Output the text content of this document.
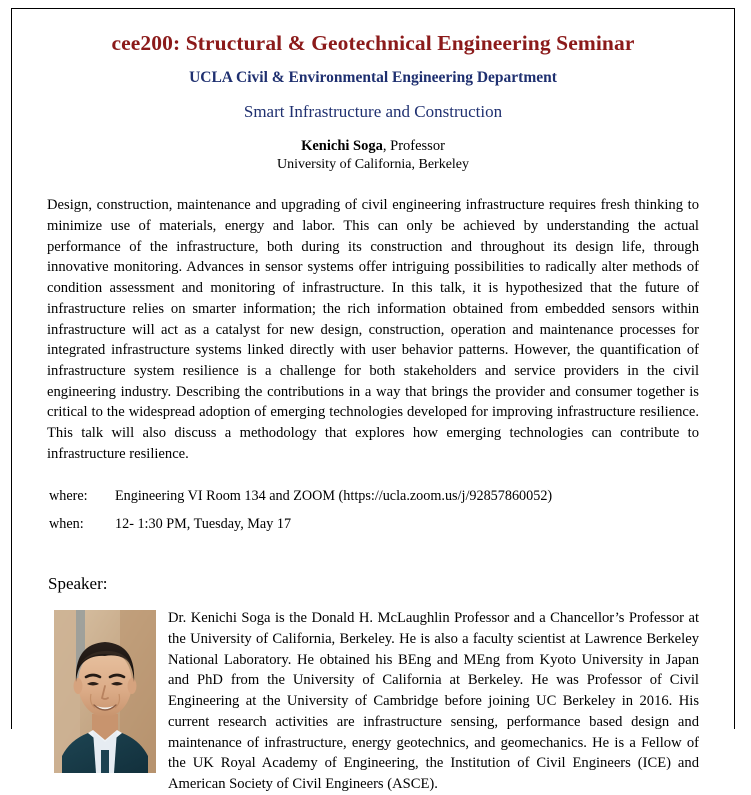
cee200: Structural & Geotechnical Engineering Seminar
UCLA Civil & Environmental Engineering Department
Smart Infrastructure and Construction
Kenichi Soga, Professor
University of California, Berkeley

Design, construction, maintenance and upgrading of civil engineering infrastructure requires fresh thinking to minimize use of materials, energy and labor. This can only be achieved by understanding the actual performance of the infrastructure, both during its construction and throughout its design life, through innovative monitoring. Advances in sensor systems offer intriguing possibilities to radically alter methods of condition assessment and monitoring of infrastructure. In this talk, it is hypothesized that the future of infrastructure relies on smarter information; the rich information obtained from embedded sensors within infrastructure will act as a catalyst for new design, construction, operation and maintenance processes for integrated infrastructure systems linked directly with user behavior patterns. However, the quantification of infrastructure system resilience is a challenge for both stakeholders and service providers in the civil engineering industry. Describing the contributions in a way that brings the provider and consumer together is critical to the widespread adoption of emerging technologies developed for improving infrastructure resilience. This talk will also discuss a methodology that explores how emerging technologies can contribute to infrastructure resilience.

where:	Engineering VI Room 134 and ZOOM (https://ucla.zoom.us/j/92857860052)
when:	12- 1:30 PM, Tuesday, May 17
Speaker:

Dr. Kenichi Soga is the Donald H. McLaughlin Professor and a Chancellor’s Professor at the University of California, Berkeley. He is also a faculty scientist at Lawrence Berkeley National Laboratory. He obtained his BEng and MEng from Kyoto University in Japan and PhD from the University of California at Berkeley. He was Professor of Civil Engineering at the University of Cambridge before joining UC Berkeley in 2016. His current research activities are infrastructure sensing, performance based design and maintenance of infrastructure, energy geotechnics, and geomechanics. He is a Fellow of the UK Royal Academy of Engineering, the Institution of Civil Engineers (ICE) and American Society of Civil Engineers (ASCE).
